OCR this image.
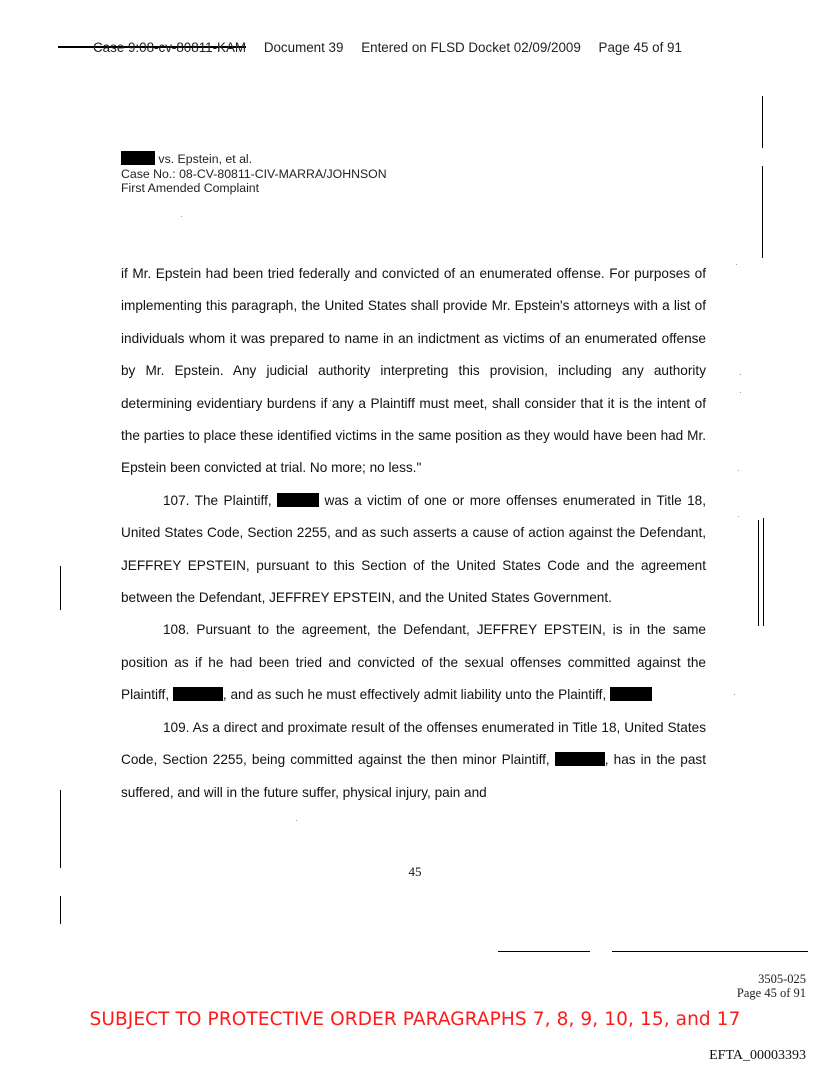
Case 9:08-cv-80811-KAM Document 39 Entered on FLSD Docket 02/09/2009 Page 45 of 91
vs. Epstein, et al.
Case No.: 08-CV-80811-CIV-MARRA/JOHNSON
First Amended Complaint

if Mr. Epstein had been tried federally and convicted of an enumerated offense. For purposes of implementing this paragraph, the United States shall provide Mr. Epstein's attorneys with a list of individuals whom it was prepared to name in an indictment as victims of an enumerated offense by Mr. Epstein. Any judicial authority interpreting this provision, including any authority determining evidentiary burdens if any a Plaintiff must meet, shall consider that it is the intent of the parties to place these identified victims in the same position as they would have been had Mr. Epstein been convicted at trial. No more; no less."

107. The Plaintiff,	was a victim of one or more offenses enumerated in Title 18, United States Code, Section 2255, and as such asserts a cause of action against the Defendant, JEFFREY EPSTEIN, pursuant to this Section of the United States Code and the agreement between the Defendant, JEFFREY EPSTEIN, and the United States Government.

108. Pursuant to the agreement, the Defendant, JEFFREY EPSTEIN, is in the same position as if he had been tried and convicted of the sexual offenses committed against the Plaintiff,	, and as such he must effectively admit liability unto the Plaintiff,

109. As a direct and proximate result of the offenses enumerated in Title 18, United States Code, Section 2255, being committed against the then minor Plaintiff,	, has in the past suffered, and will in the future suffer, physical injury, pain and

45
3505-025
Page 45 of 91
SUBJECT TO PROTECTIVE ORDER PARAGRAPHS 7, 8, 9, 10, 15, and 17
EFTA_00003393
